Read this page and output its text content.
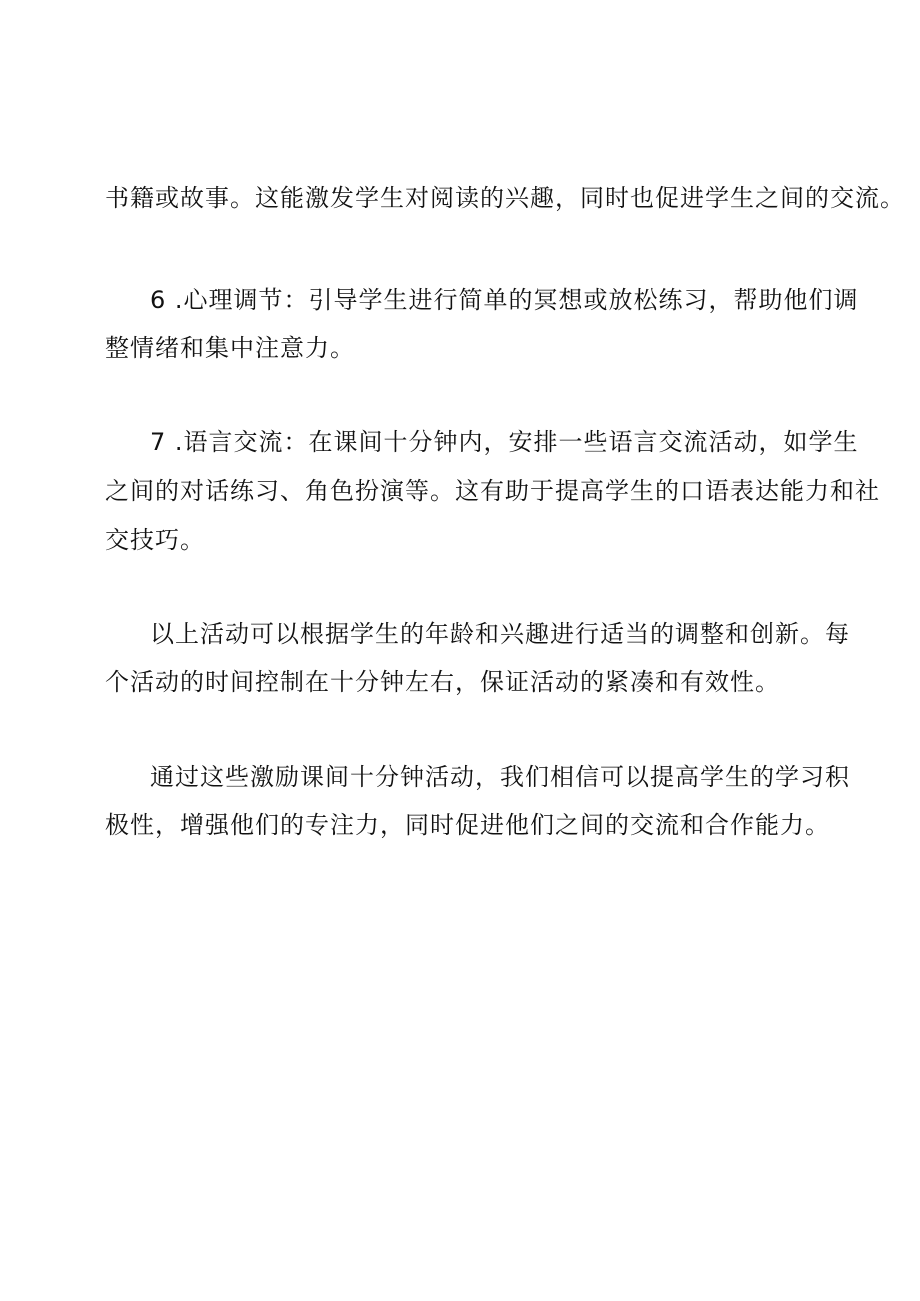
书籍或故事。这能激发学生对阅读的兴趣，同时也促进学生之间的交流。
6 .心理调节：引导学生进行简单的冥想或放松练习，帮助他们调
整情绪和集中注意力。
7 .语言交流：在课间十分钟内，安排一些语言交流活动，如学生
之间的对话练习、角色扮演等。这有助于提高学生的口语表达能力和社
交技巧。
以上活动可以根据学生的年龄和兴趣进行适当的调整和创新。每
个活动的时间控制在十分钟左右，保证活动的紧凑和有效性。
通过这些激励课间十分钟活动，我们相信可以提高学生的学习积
极性，增强他们的专注力，同时促进他们之间的交流和合作能力。
